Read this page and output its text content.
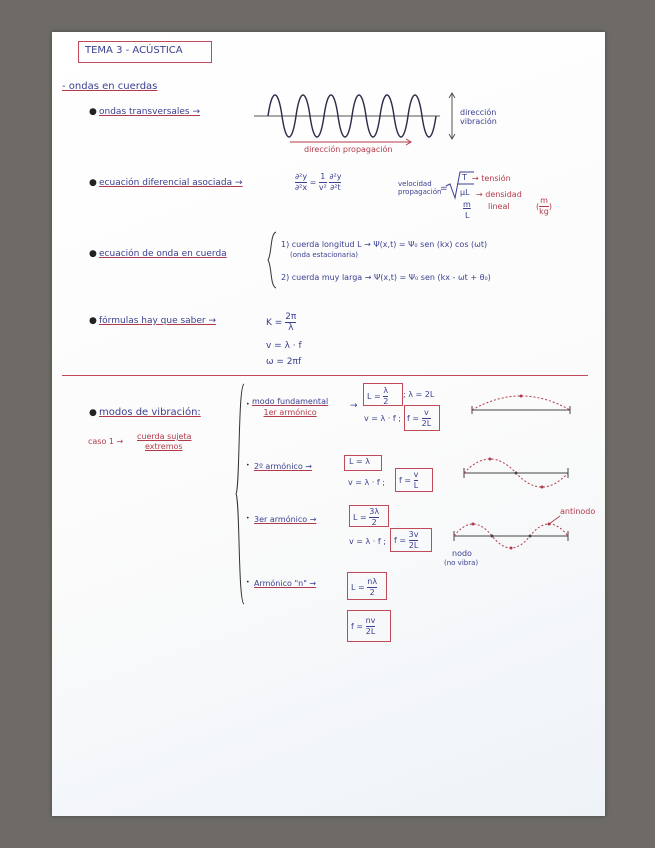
TEMA 3 - ACÚSTICA
- ondas en cuerdas
● ondas transversales →	dirección
vibración
dirección propagación
● ecuación diferencial asociada →	$\frac{\text{∂²y}}{\text{∂²x}} = \frac{1}{\text{v²}}$
$\frac{\text{∂²y}}{\text{∂²t}}$	velocidad
propagación
=
T → tensión
μL → densidad
m
L
lineal	( $\frac{m}{kg}$ )
● ecuación de onda en cuerda
1) cuerda longitud L → Ψ(x,t) = Ψ₀ sen (kx) cos (ωt)
(onda estacionaria)
2) cuerda muy larga → Ψ(x,t) = Ψ₀ sen (kx - ωt + θ₀)
● fórmulas hay que saber →	$K = \frac{2\pi}{\lambda}$
v = λ · f
ω = 2πf
● modos de vibración:
caso 1 →
cuerda sujeta
extremos
modo fundamental
1er armónico
→
$L = \frac{\lambda}{2}$ ; λ = 2L
v = λ · f ; $f = \frac{v}{2L}$
2º armónico →
L = λ
v = λ · f ; $f = \frac{v}{L}$
3er armónico →	$L = \frac{3\lambda}{2}$
v = λ · f ; $f = \frac{3v}{2L}$
antinodo
nodo
(no vibra)
Armónico "n" →	$L = \frac{n\lambda}{2}$
$f = \frac{nv}{2L}$
•
•
•
•
